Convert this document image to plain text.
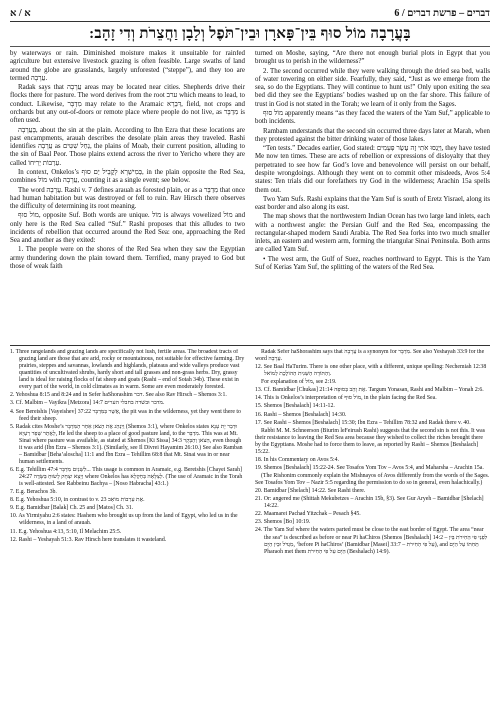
א / א	דברים – פרשת דברים / 6
בָּעֲרָבָה מוֹל סוּף בֵּין־פָּארָן וּבֵין־תֹּפֶל וְלָבָן וַחֲצֵרֹת וְדִי זָהָב:

by waterways or rain. Diminished moisture makes it unsuitable for rainfed agriculture but extensive livestock grazing is often feasible. Large swaths of land around the globe are grasslands, largely unforested (“steppe”), and they too are termed עֲרָבָה.

Radak says that עֲרָבָה areas may be located near cities. Shepherds drive their flocks there for pasture. The word derives from the root ערב which means to lead, to conduct. Likewise, מִדְבָּר may relate to the Aramaic דִּבְרָא, field, not crops and orchards but any out-of-doors or remote place where people do not live, as מִדְבָּר is often used.

בָּעֲרָבָה, about the sin at the plain. According to Ibn Ezra that these locations are past encampments, arauah describes the desolate plain areas they traveled. Rashi identifies עֲרָבָה as נַחַל שִׁטִּים, the plains of Moab, their current position, alluding to the sin of Baal Peor. Those plains extend across the river to Yericho where they are called עַרְבוֹת יְרִיחוֹ.

In context, Onkelos’s בְּמִישְׁרָא לָקֳבֵיל יַם סוּף, in the plain opposite the Red Sea, combines מוֹל with עֲרָבָה, counting it as a single event; see below.

The word עֲרָבָה. Rashi v. 7 defines arauah as forested plain, or as a מִדְבָּר that once had human habitation but was destroyed or fell to ruin. Rav Hirsch there observes the difficulty of determining its root meaning.

מוֹל סוּף, opposite Suf. Both words are unique. מוֹל is always vowelized מוֹל and only here is the Red Sea called “Suf.” Rashi proposes that this alludes to two incidents of rebellion that occurred around the Red Sea: one, approaching the Red Sea and another as they exited:

1. The people were on the shores of the Red Sea when they saw the Egyptian army thundering down the plain toward them. Terrified, many prayed to God but those of weak faith

turned on Moshe, saying, “Are there not enough burial plots in Egypt that you brought us to perish in the wilderness?”

2. The second occurred while they were walking through the dried sea bed, walls of water towering on either side. Fearfully, they said, “Just as we emerge from the sea, so do the Egyptians. They will continue to hunt us!” Only upon exiting the sea bed did they see the Egyptians’ bodies washed up on the far shore. This failure of trust in God is not stated in the Torah; we learn of it only from the Sages.

מוֹל סוּף apparently means “as they faced the waters of the Yam Suf,” applicable to both incidents.

Rambam understands that the second sin occurred three days later at Marah, when they protested against the bitter drinking water of those lakes.

“Ten tests.” Decades earlier, God stated: וַיְנַסּוּ אֹתִי זֶה עֶשֶׂר פְּעָמִים, they have tested Me now ten times. These are acts of rebellion or expressions of disloyalty that they perpetrated to see how far God’s love and benevolence will persist on our behalf, despite wrongdoings. Although they went on to commit other misdeeds, Avos 5:4 states: Ten trials did our forefathers try God in the wilderness; Arachin 15a spells them out.

Two Yam Sufs. Rashi explains that the Yam Suf is south of Eretz Yisrael, along its east border and also along its east.

The map shows that the northwestern Indian Ocean has two large land inlets, each with a northwest angle: the Persian Gulf and the Red Sea, encompassing the rectangular-shaped modern Saudi Arabia. The Red Sea forks into two much smaller inlets, an eastern and western arm, forming the triangular Sinai Peninsula. Both arms are called Yam Suf.

• The west arm, the Gulf of Suez, reaches northward to Egypt. This is the Yam Suf of Kerias Yam Suf, the splitting of the waters of the Red Sea.

1. Three rangelands and grazing lands are specifically not lush, fertile areas. The broadest tracts of grazing land are those that are arid, rocky or mountainous, not suitable for effective farming. Dry prairies, steppes and savannas, lowlands and highlands, plateaus and wide valleys produce vast quantities of uncultivated shrubs, hardy short and tall grasses and non-grass herbs. Dry, grassy land is ideal for raising flocks of fat sheep and goats (Rashi – end of Sotah 34b). These exist in every part of the world, in cold climates as in warm. Some are even moderately forested.
2. Yehoshua 8:15 and 8:24 and in Sefer haShorashim דבר. See also Rav Hirsch – Shemos 3:1.
3. Cf. Malbim – Vayikra [Metzora] 14:7 מדבר וּבשדה בחבלי הערים.
4. See Bereishis [Vayeishev] 37:22 אֲשֶׁר בַּמִּדְבָּר, the pit was in the wilderness, yet they went there to feed their sheep.
5. Radak cites Moshe’s וַיִּנְהַג אֶת הַצֹּאן אַחַר הַמִּדְבָּר (Shemos 3:1), where Onkelos states וּדְבַר יָת עָנָא לַאֲתַר שְׁפַר רַעְיָא, He led the sheep to a place of good pasture land, to the מִדְבָּר. This was at Mt. Sinai where pasture was available, as stated at Shemos [Ki Sissa] 34:3 הַצֹּאן וְהַבָּקָר, even though it was arid (Ibn Ezra – Shemos 3:1). (Similarly, see Il Divrei Hayamim 26:10.) See also Ramban – Bamidbar [Beha’aloscha] 11:1 and Ibn Ezra – Tehillim 68:8 that Mt. Sinai was in or near human settlements.
6. E.g. Tehillim 47:4 לִשְׁנַיִם מִדְבָּר... This usage is common in Aramaic, e.g. Bereishis [Chayei Sarah] 24:27 וְיָצָא יִצְחָק לָשׂוּחַ בַּשָּׂדֶה where Onkelos has לְצַלָּאָה בְּחַקְלָא. (The use of Aramaic in the Torah is well-attested. See Rabbeinu Bachya – [Noso Habracha] 43:1.)
7. E.g. Berachos 3b.
8. E.g. Yehoshua 5:10, in contrast to v. 23 אֶת עַרְבוֹת מוֹאָב.
9. E.g. Bamidbar [Balak] Ch. 25 and [Matos] Ch. 31.
10. As Yirmiyahu 2:6 states: Hashem who brought us up from the land of Egypt, who led us in the wilderness, in a land of arauah.
11. E.g. Yehoshua 4:13, 5:10, Il Melachim 25:5.
12. Rashi – Yeshayah 51:3. Rav Hirsch here translates it wasteland.
Radak Sefer haShorashim says that עֲרָבָה is a synonym for מִדְבָּר. See also Yeshayah 33:9 for the word עֲרָבָה.
12. See Baal HaTurim. There is one other place, with a different, unique spelling: Nechemiah 12:38 וְהַתּוֹדָה הַשֵּׁנִית הַהוֹלֶכֶת לְמוֹאל.
For explanation of מוֹל, see 2:19.
13. Cf. Bamidbar [Chukas] 21:14 אֶת וָהֵב בְּסוּפָה. Targum Yonasan, Rashi and Malbim – Yonah 2:6.
14. This is Onkelos’s interpretation of מוֹל סוּף, in the plain facing the Red Sea.
15. Shemos [Beshalach] 14:11-12.
16. Rashi – Shemos [Beshalach] 14:30.
17. See Rashi – Shemos [Beshalach] 15:30; Ibn Ezra – Tehillim 78:32 and Radak there v. 40.
Rabbi M. M. Schneerson (Biurim leFeirush Rashi) suggests that the second sin is not this. It was their resistance to leaving the Red Sea area because they wished to collect the riches brought there by the Egyptians. Moshe had to force them to leave, as reported by Rashi – Shemos [Beshalach] 15:22.
18. In his Commentary on Avos 5:4.
19. Shemos [Beshalach] 15:22-24. See Tosafos Yom Tov – Avos 5:4, and Maharsha – Arachin 15a.
(The Rishonim commonly explain the Mishnayos of Avos differently from the words of the Sages. See Tosafos Yom Tov – Nazir 5:5 regarding the permission to do so in general, even halachically.)
20. Bamidbar [Shelach] 14:22. See Rashi there.
21. Or: angered me (Shittah Mekubetzes – Arachin 15b, §3). See Gur Aryeh – Bamidbar [Shelach] 14:22.
22. Maamarei Pachad Yitzchak – Pesach §45.
23. Shemos [Bo] 10:19.
24. The Yam Suf where the waters parted must be close to the east border of Egypt. The area “near the sea” is described as before or near Pi haChiros (Shemos [Beshalach] 14:2 – לִפְנֵי פִּי הַחִירֹת בֵּין מִגְדֹּל וּבֵין הַיָּם, ‘before Pi haChiros’ (Bamidbar [Masei] 33:7 – עַל פִּי הַחִירֹת), and תְּחִתּוֹ עַל הַיָּם Pharaoh met them הַיָּם עַל פִּי הַחִירֹת (Beshalach) 14:9).
